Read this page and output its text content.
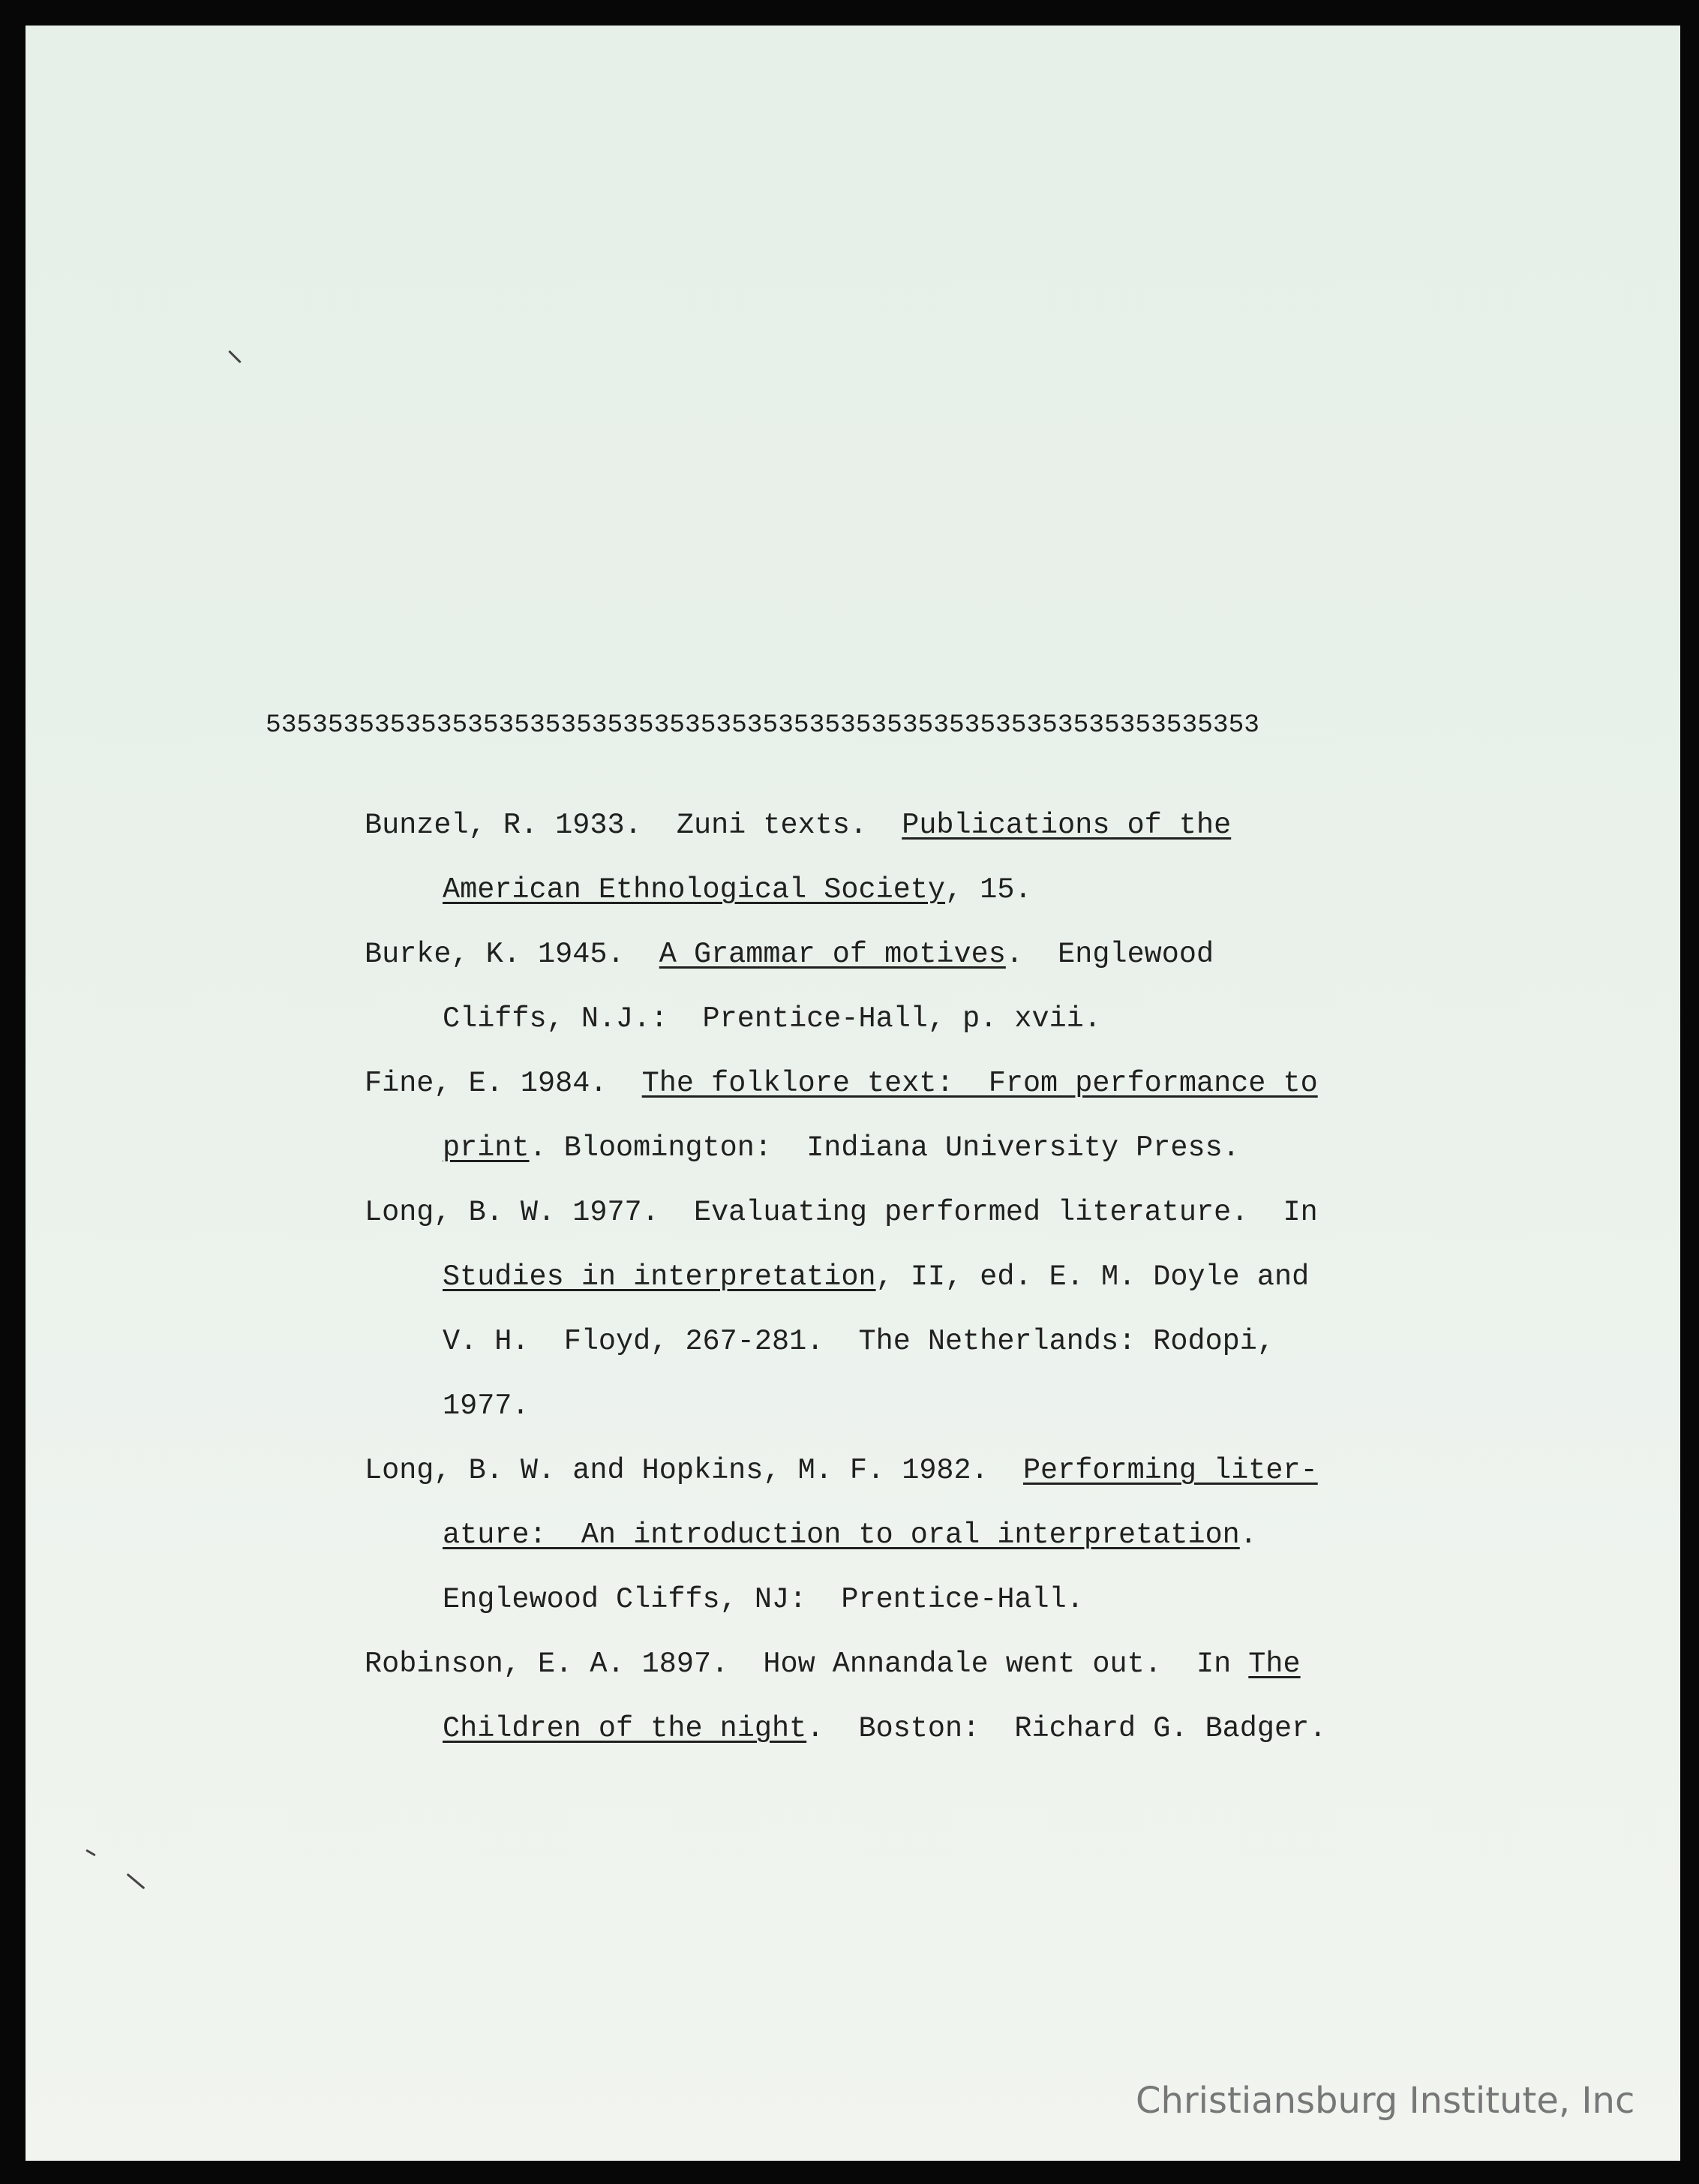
5353535353535353535353535353535353535353535353535353535353535353
Bunzel, R. 1933.  Zuni texts.  Publications of the
American Ethnological Society, 15.
Burke, K. 1945.  A Grammar of motives.  Englewood
Cliffs, N.J.:  Prentice-Hall, p. xvii.
Fine, E. 1984.  The folklore text:  From performance to
print. Bloomington:  Indiana University Press.
Long, B. W. 1977.  Evaluating performed literature.  In
Studies in interpretation, II, ed. E. M. Doyle and
V. H.  Floyd, 267-281.  The Netherlands: Rodopi,
1977.
Long, B. W. and Hopkins, M. F. 1982.  Performing liter-
ature:  An introduction to oral interpretation.
Englewood Cliffs, NJ:  Prentice-Hall.
Robinson, E. A. 1897.  How Annandale went out.  In The
Children of the night.  Boston:  Richard G. Badger.
Christiansburg Institute, Inc
